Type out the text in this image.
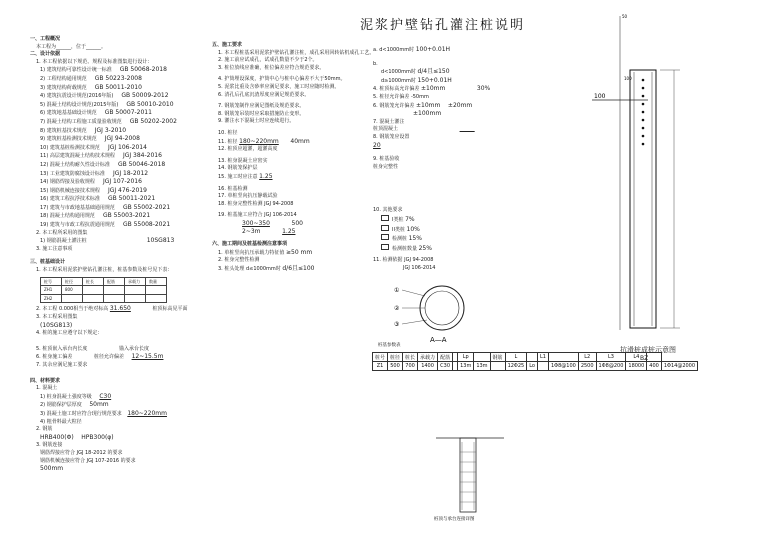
泥浆护壁钻孔灌注桩说明
一、工程概况
本工程为______，位于______。
二、设计依据
1. 本工程依据以下规范、规程及标准图集进行设计：
1) 建筑结构可靠性设计统一标准 GB 50068-2018
2) 工程结构通用规范 GB 50223-2008
3) 建筑结构荷载规范 GB 50011-2010
4) 建筑抗震设计规范(2016年版) GB 50009-2012
5) 混凝土结构设计规范(2015年版) GB 50010-2010
6) 建筑地基基础设计规范 GB 50007-2011
7) 混凝土结构工程施工质量验收规范 GB 50202-2002
8) 建筑桩基技术规范 JGJ 3-2010
9) 建筑桩基检测技术规范 JGJ 94-2008
10) 建筑基桩检测技术规范 JGJ 106-2014
11) 高层建筑混凝土结构技术规程 JGJ 384-2016
12) 混凝土结构耐久性设计标准 GB 50046-2018
13) 工业建筑防腐蚀设计标准 JGJ 18-2012
14) 钢筋焊接及验收规程 JGJ 107-2016
15) 钢筋机械连接技术规程 JGJ 476-2019
16) 建筑工程抗浮技术标准 GB 50011-2021
17) 建筑与市政地基基础通用规范 GB 55002-2021
18) 混凝土结构通用规范 GB 55003-2021
19) 建筑与市政工程抗震通用规范 GB 55008-2021
2. 本工程所采用的图集
1) 钢筋混凝土灌注桩	10SG813
3. 施工注意事项
三、桩基础设计
1. 本工程采用泥浆护壁钻孔灌注桩，桩基参数及桩号见下表：
桩号	桩径	桩长	配筋	承载力	数量
ZH1	800				
ZH2					
2. 本工程 0.000相当于绝对标高 31.650	桩顶标高见平面
3. 本工程采用图集
(10SG813)
4. 桩的施工应遵守以下规定：
5. 桩顶嵌入承台内长度	锚入承台长度
6. 桩身施工偏差	桩径允许偏差 12~15.5m
7. 其余应满足施工要求
四、材料要求
1. 混凝土
1) 桩身混凝土强度等级 C30
2) 钢筋保护层厚度 50mm
3) 混凝土施工时应符合现行规范要求 180~220mm
4) 粗骨料最大粒径
2. 钢筋
HRB400(Φ) HPB300(φ)
3. 钢筋连接
钢筋焊接应符合 JGJ 18-2012 的要求
钢筋机械连接应符合 JGJ 107-2016 的要求
500mm
五、施工要求
1. 本工程桩基采用泥浆护壁钻孔灌注桩，成孔采用回转钻机成孔工艺。
2. 施工前应试成孔，试成孔数量不少于2个。
3. 桩位放线应准确，桩位偏差应符合规范要求。
4. 护筒埋设深度，护筒中心与桩中心偏差不大于50mm。
5. 泥浆比重及含砂率应满足要求，施工时应随时检测。
6. 清孔后孔底沉渣厚度应满足规范要求。
7. 钢筋笼制作应满足图纸及规范要求。
8. 钢筋笼吊装时应采取措施防止变形。
9. 灌注水下混凝土时应连续进行。
10. 桩径
11. 桩径 180~220mm 40mm
12. 桩顶应超灌，超灌高度
13. 桩身混凝土应密实
14. 钢筋笼保护层
15. 施工时应注意 1.25
16. 桩基检测
17. 单桩竖向抗压静载试验
18. 桩身完整性检测 JGJ 94-2008
19. 桩基施工应符合 JGJ 106-2014
300~350	500
2~3m	1.25
六、施工期间及桩基检测注意事项
1. 单桩竖向抗压承载力特征值 ≥50 mm
2. 桩身完整性检测
3. 桩头处理 d≤1000mm时 d/6且≤100
a. d<1000mm时 100+0.01H
b.
d<1000mm时 d/4且≤150
d≥1000mm时 150+0.01H
4. 桩顶标高允许偏差 ±10mm	30%
5. 桩径允许偏差 -50mm
6. 钢筋笼允许偏差 ±10mm ±20mm
±100mm
7. 混凝土灌注
桩顶混凝土	______
8. 钢筋笼应设置
20
9. 桩基验收
桩身完整性
10. 其他要求
I类桩 7%
II类桩 10%
检测桩 15%
检测桩数量 25%
11. 检测依据 JGJ 94-2008
JGJ 106-2014
①
②
③
A—A
桩顶与承台连接详图
50
100
100
抗滑桩成桩示意图
BZ
桩基参数表
桩号	桩径	桩长	承载力	配筋		Lp		钢筋	L		L1		L2	L3	L4		
Z1	500	700	1400	C30		13m	13m		12Φ25	Lo		1Φ8@100	2500	1Φ8@200	18000	400	1Φ14@2000
